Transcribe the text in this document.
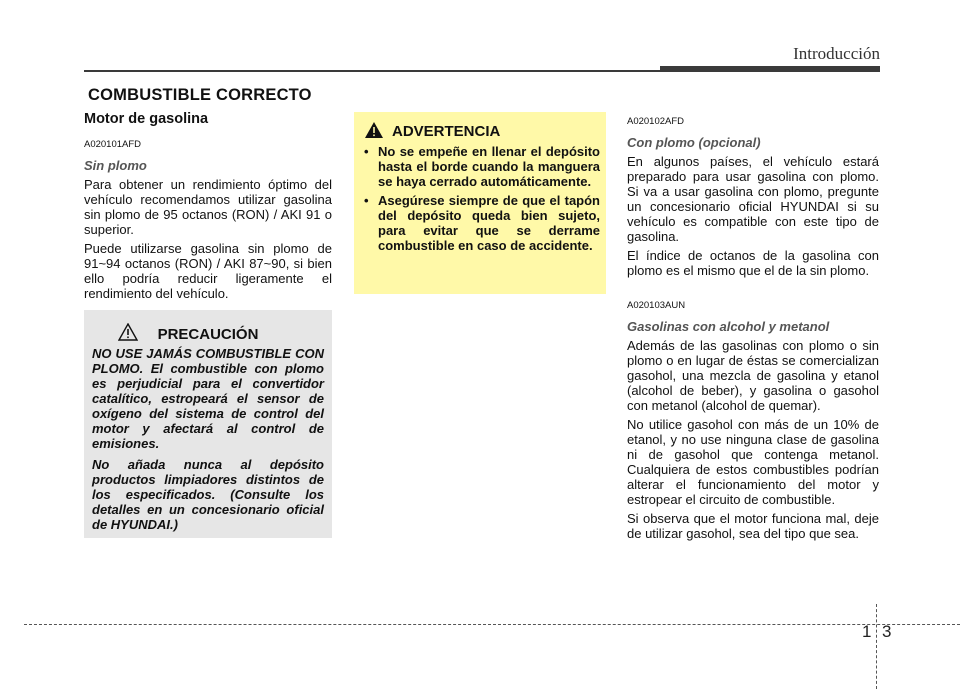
Introducción
COMBUSTIBLE CORRECTO

Motor de gasolina

A020101AFD

Sin plomo

Para obtener un rendimiento óptimo del vehículo recomendamos utilizar gasolina sin plomo de 95 octanos (RON) / AKI 91 o superior.

Puede utilizarse gasolina sin plomo de 91~94 octanos (RON) / AKI 87~90, si bien ello podría reducir ligeramente el rendimiento del vehículo.

PRECAUCIÓN

NO USE JAMÁS COMBUSTIBLE CON PLOMO. El combustible con plomo es perjudicial para el convertidor catalítico, estropeará el sensor de oxígeno del sistema de control del motor y afectará al control de emisiones.

No añada nunca al depósito productos limpiadores distintos de los especificados. (Consulte los detalles en un concesionario oficial de HYUNDAI.)

ADVERTENCIA
• No se empeñe en llenar el depósito hasta el borde cuando la manguera se haya cerrado automáticamente.
• Asegúrese siempre de que el tapón del depósito queda bien sujeto, para evitar que se derrame combustible en caso de accidente.

A020102AFD

Con plomo (opcional)

En algunos países, el vehículo estará preparado para usar gasolina con plomo. Si va a usar gasolina con plomo, pregunte un concesionario oficial HYUNDAI si su vehículo es compatible con este tipo de gasolina.

El índice de octanos de la gasolina con plomo es el mismo que el de la sin plomo.

A020103AUN

Gasolinas con alcohol y metanol

Además de las gasolinas con plomo o sin plomo o en lugar de éstas se comercializan gasohol, una mezcla de gasolina y etanol (alcohol de beber), y gasolina o gasohol con metanol (alcohol de quemar).

No utilice gasohol con más de un 10% de etanol, y no use ninguna clase de gasolina ni de gasohol que contenga metanol. Cualquiera de estos combustibles podrían alterar el funcionamiento del motor y estropear el circuito de combustible.

Si observa que el motor funciona mal, deje de utilizar gasohol, sea del tipo que sea.

1 3
